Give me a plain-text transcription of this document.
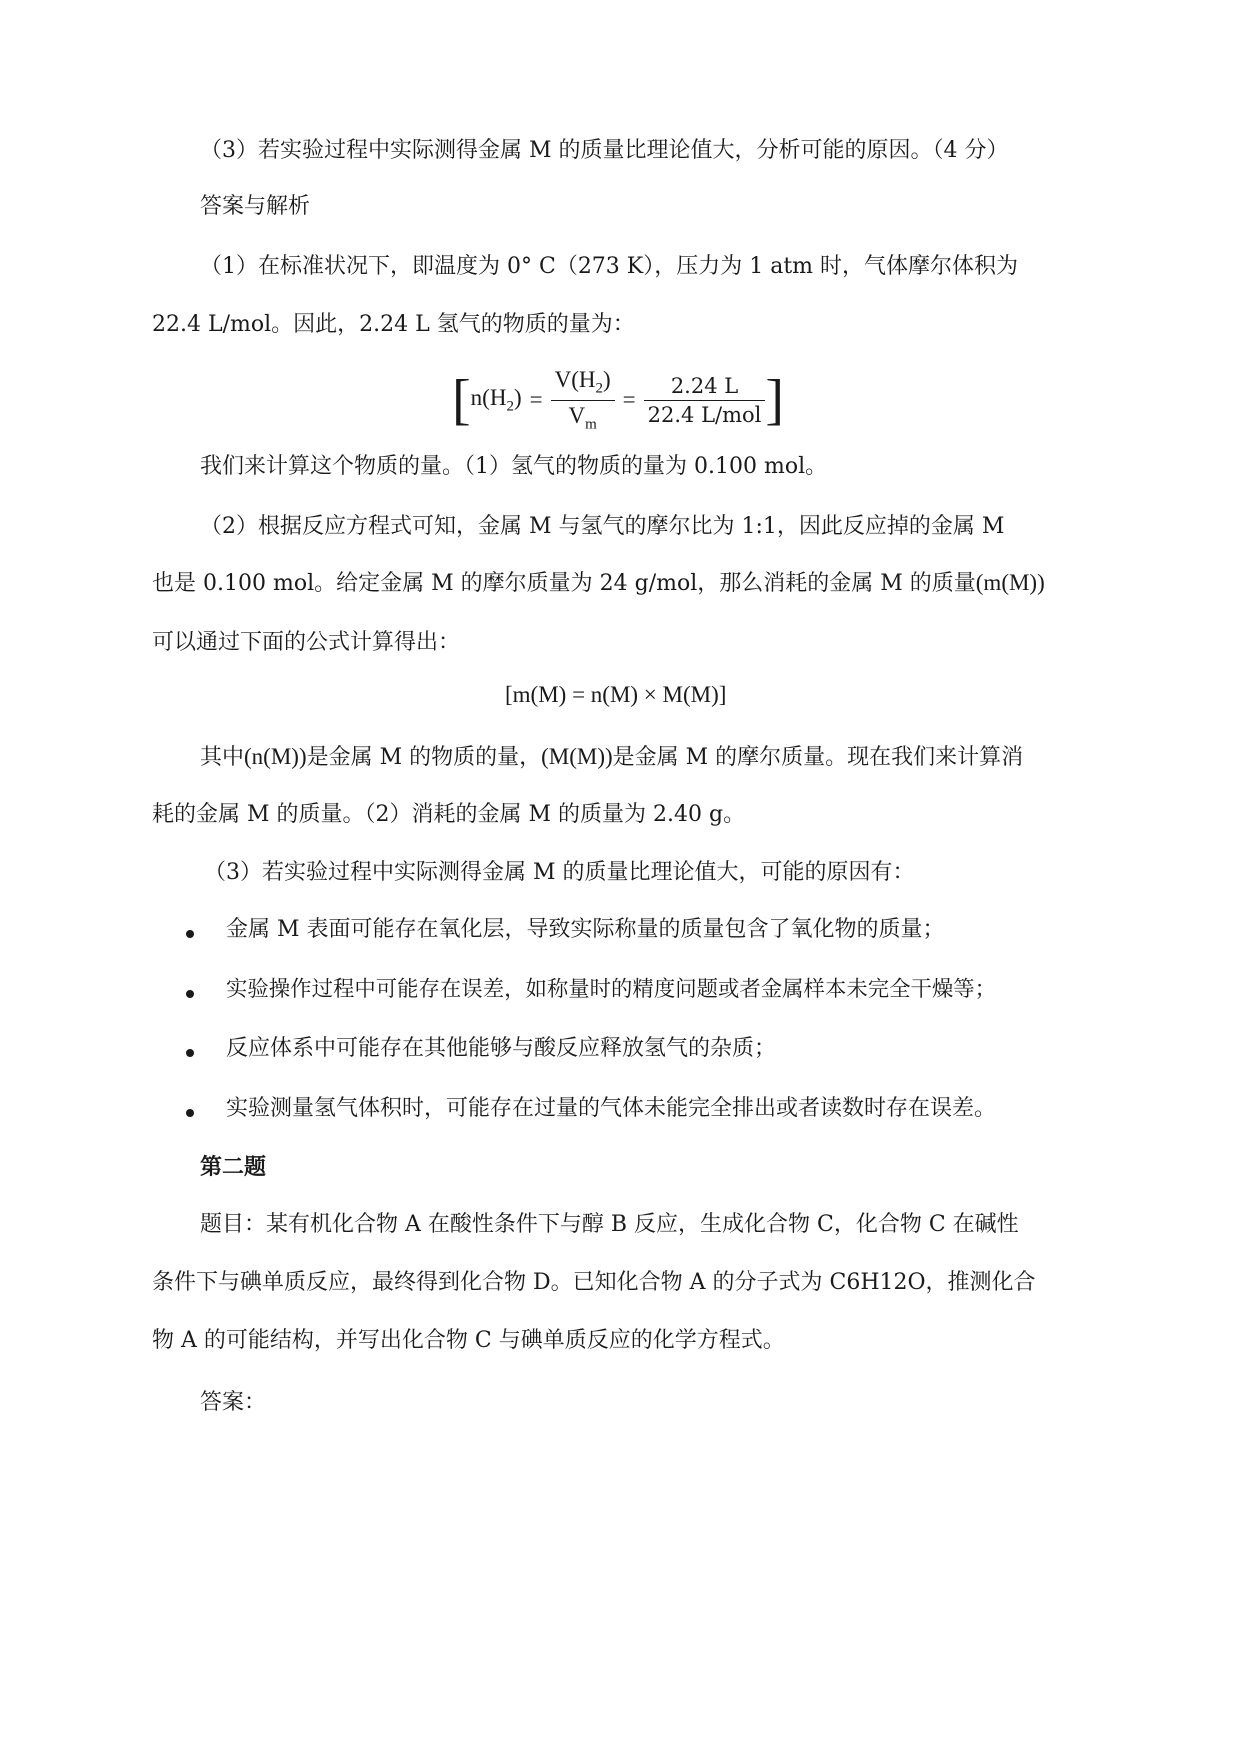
（3）若实验过程中实际测得金属 M 的质量比理论值大，分析可能的原因。（4 分）
答案与解析
（1）在标准状况下，即温度为 0° C（273 K），压力为 1 atm 时，气体摩尔体积为
22.4 L/mol。因此，2.24 L 氢气的物质的量为：
[ $n(H_2) = \frac{V(H_2)}{V_m} = \frac{2.24 L}{\text{22.4 L/mol}}$ ]
我们来计算这个物质的量。（1）氢气的物质的量为 0.100 mol。
（2）根据反应方程式可知，金属 M 与氢气的摩尔比为 1:1，因此反应掉的金属 M
也是 0.100 mol。给定金属 M 的摩尔质量为 24 g/mol，那么消耗的金属 M 的质量(m(M))
可以通过下面的公式计算得出：
[m(M) = n(M) × M(M)]
其中(n(M))是金属 M 的物质的量，(M(M))是金属 M 的摩尔质量。现在我们来计算消
耗的金属 M 的质量。（2）消耗的金属 M 的质量为 2.40 g。
（3）若实验过程中实际测得金属 M 的质量比理论值大，可能的原因有：
金属 M 表面可能存在氧化层，导致实际称量的质量包含了氧化物的质量；
实验操作过程中可能存在误差，如称量时的精度问题或者金属样本未完全干燥等；
反应体系中可能存在其他能够与酸反应释放氢气的杂质；
实验测量氢气体积时，可能存在过量的气体未能完全排出或者读数时存在误差。
第二题
题目：某有机化合物 A 在酸性条件下与醇 B 反应，生成化合物 C，化合物 C 在碱性
条件下与碘单质反应，最终得到化合物 D。已知化合物 A 的分子式为 C6H12O，推测化合
物 A 的可能结构，并写出化合物 C 与碘单质反应的化学方程式。
答案：
